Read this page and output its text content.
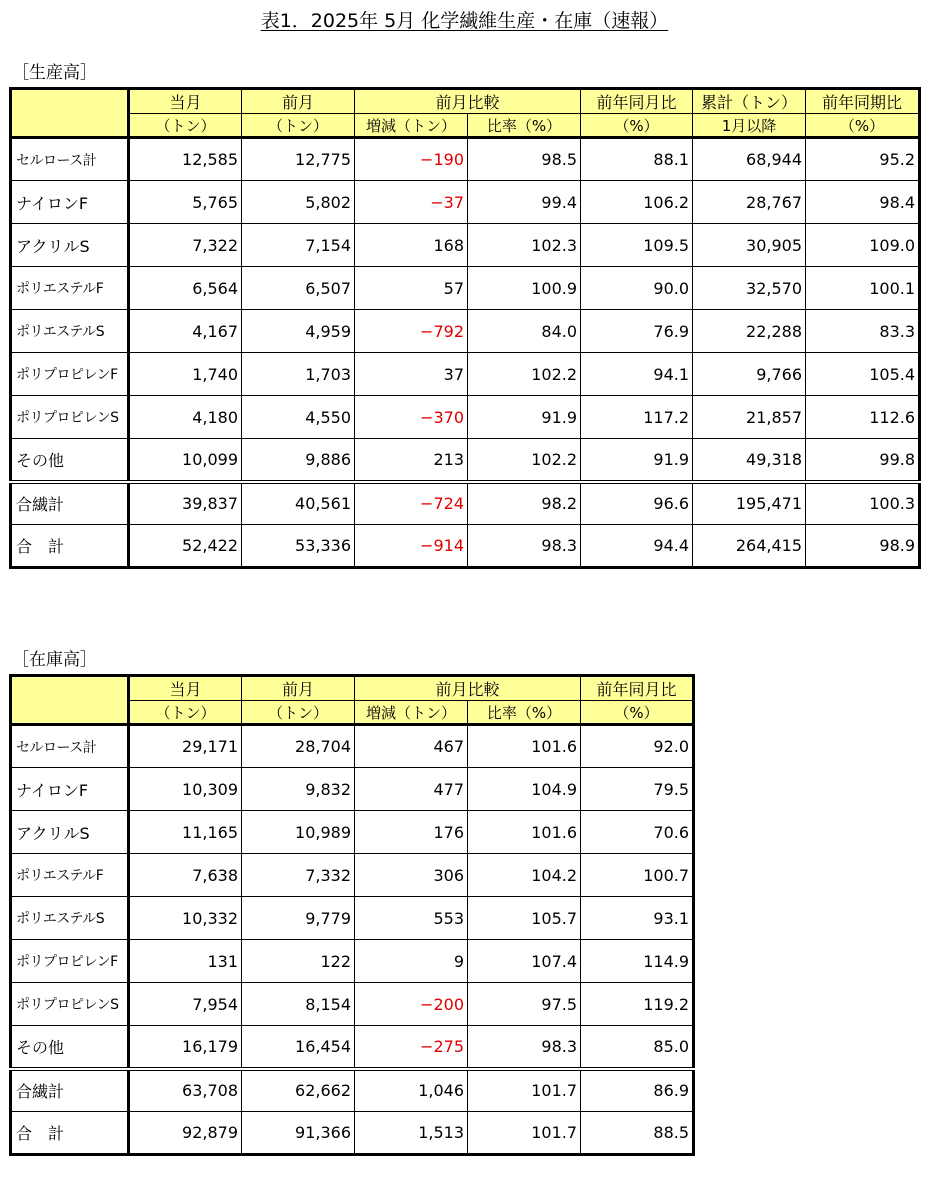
表1．2025年 5月 化学繊維生産・在庫（速報）
［生産高］
	当月	前月	前月比較		前年同月比	累計（トン）	前年同期比
	（トン）	（トン）	増減（トン）	比率（%）	（%）	1月以降	（%）
セルロース計	12,585	12,775	−190	98.5	88.1	68,944	95.2
ナイロンF	5,765	5,802	−37	99.4	106.2	28,767	98.4
アクリルS	7,322	7,154	168	102.3	109.5	30,905	109.0
ポリエステルF	6,564	6,507	57	100.9	90.0	32,570	100.1
ポリエステルS	4,167	4,959	−792	84.0	76.9	22,288	83.3
ポリプロピレンF	1,740	1,703	37	102.2	94.1	9,766	105.4
ポリプロピレンS	4,180	4,550	−370	91.9	117.2	21,857	112.6
その他	10,099	9,886	213	102.2	91.9	49,318	99.8
合繊計	39,837	40,561	−724	98.2	96.6	195,471	100.3
合　計	52,422	53,336	−914	98.3	94.4	264,415	98.9
［在庫高］
	当月	前月	前月比較		前年同月比
	（トン）	（トン）	増減（トン）	比率（%）	（%）
セルロース計	29,171	28,704	467	101.6	92.0
ナイロンF	10,309	9,832	477	104.9	79.5
アクリルS	11,165	10,989	176	101.6	70.6
ポリエステルF	7,638	7,332	306	104.2	100.7
ポリエステルS	10,332	9,779	553	105.7	93.1
ポリプロピレンF	131	122	9	107.4	114.9
ポリプロピレンS	7,954	8,154	−200	97.5	119.2
その他	16,179	16,454	−275	98.3	85.0
合繊計	63,708	62,662	1,046	101.7	86.9
合　計	92,879	91,366	1,513	101.7	88.5
